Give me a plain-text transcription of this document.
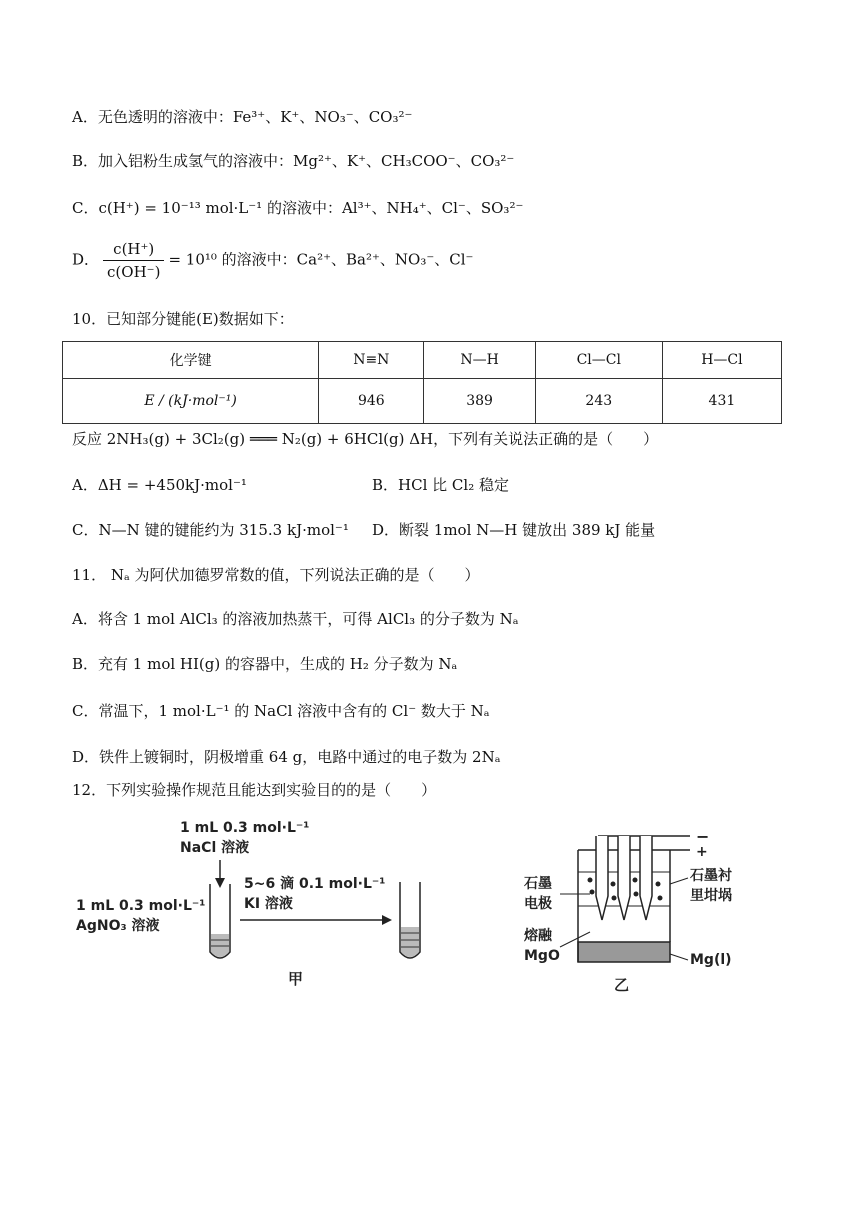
A．无色透明的溶液中：Fe³⁺、K⁺、NO₃⁻、CO₃²⁻
B．加入铝粉生成氢气的溶液中：Mg²⁺、K⁺、CH₃COO⁻、CO₃²⁻
C．c(H⁺) = 10⁻¹³ mol·L⁻¹ 的溶液中：Al³⁺、NH₄⁺、Cl⁻、SO₃²⁻
D． $\frac{c(H^+)}{c(OH^-)} = 10^{10}$ 的溶液中：Ca²⁺、Ba²⁺、NO₃⁻、Cl⁻
10．已知部分键能(E)数据如下：
化学键	N≡N	N—H	Cl—Cl	H—Cl
E / (kJ·mol⁻¹)	946	389	243	431
反应 2NH₃(g) + 3Cl₂(g) ═══ N₂(g) + 6HCl(g) ΔH，下列有关说法正确的是（　　）
A．ΔH = +450kJ·mol⁻¹	B．HCl 比 Cl₂ 稳定
C．N—N 键的键能约为 315.3 kJ·mol⁻¹ D．断裂 1mol N—H 键放出 389 kJ 能量
11． Nₐ 为阿伏加德罗常数的值，下列说法正确的是（　　）
A．将含 1 mol AlCl₃ 的溶液加热蒸干，可得 AlCl₃ 的分子数为 Nₐ
B．充有 1 mol HI(g) 的容器中，生成的 H₂ 分子数为 Nₐ
C．常温下，1 mol·L⁻¹ 的 NaCl 溶液中含有的 Cl⁻ 数大于 Nₐ
D．铁件上镀铜时，阴极增重 64 g，电路中通过的电子数为 2Nₐ
12．下列实验操作规范且能达到实验目的的是（　　）
1 mL 0.3 mol·L⁻¹
NaCl 溶液
1 mL 0.3 mol·L⁻¹
AgNO₃ 溶液
5~6 滴 0.1 mol·L⁻¹
KI 溶液
甲
−
+
石墨
电极
熔融
MgO
石墨衬
里坩埚
Mg(l)
乙
